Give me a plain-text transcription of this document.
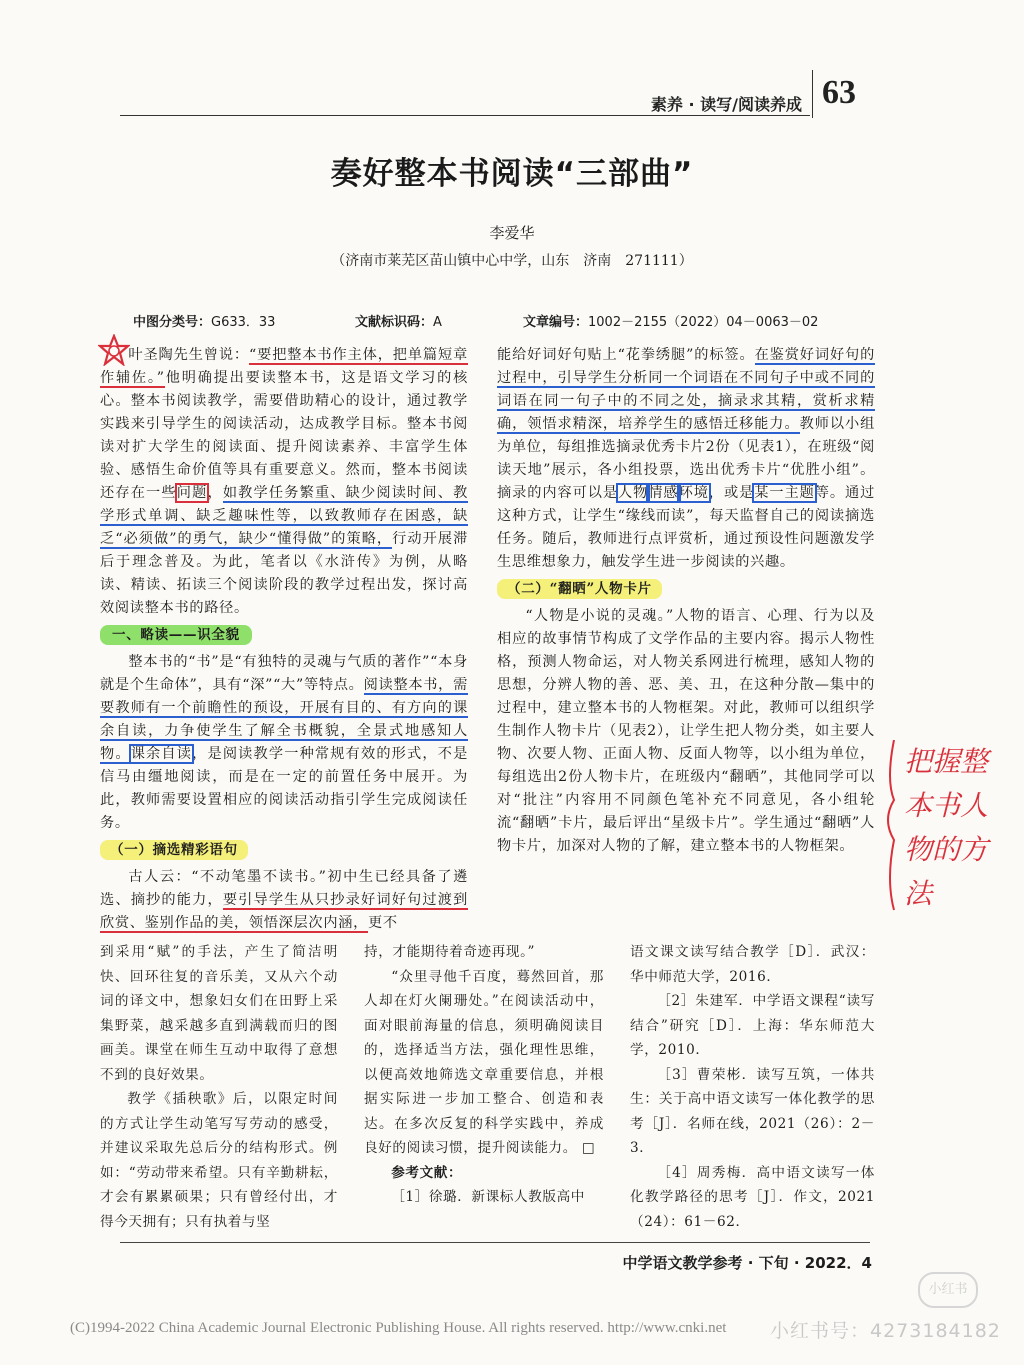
素养 · 读写/阅读养成 63
奏好整本书阅读“三部曲”
李爱华
（济南市莱芜区苗山镇中心中学，山东　济南　271111）
中图分类号：G633．33	文献标识码：A	文章编号：1002－2155（2022）04－0063－02

叶圣陶先生曾说：“要把整本书作主体，把单篇短章作辅佐。”他明确提出要读整本书，这是语文学习的核心。整本书阅读教学，需要借助精心的设计，通过教学实践来引导学生的阅读活动，达成教学目标。整本书阅读对扩大学生的阅读面、提升阅读素养、丰富学生体验、感悟生命价值等具有重要意义。然而，整本书阅读还存在一些问题，如教学任务繁重、缺少阅读时间、教学形式单调、缺乏趣味性等，以致教师存在困惑，缺乏“必须做”的勇气，缺少“懂得做”的策略，行动开展滞后于理念普及。为此，笔者以《水浒传》为例，从略读、精读、拓读三个阅读阶段的教学过程出发，探讨高效阅读整本书的路径。

一、略读——识全貌

整本书的“书”是“有独特的灵魂与气质的著作”“本身就是个生命体”，具有“深”“大”等特点。阅读整本书，需要教师有一个前瞻性的预设，开展有目的、有方向的课余自读，力争使学生了解全书概貌，全景式地感知人物。课余自读，是阅读教学一种常规有效的形式，不是信马由缰地阅读，而是在一定的前置任务中展开。为此，教师需要设置相应的阅读活动指引学生完成阅读任务。

（一）摘选精彩语句

古人云：“不动笔墨不读书。”初中生已经具备了遴选、摘抄的能力，要引导学生从只抄录好词好句过渡到欣赏、鉴别作品的美，领悟深层次内涵，更不

能给好词好句贴上“花拳绣腿”的标签。在鉴赏好词好句的过程中，引导学生分析同一个词语在不同句子中或不同的词语在同一句子中的不同之处，摘录求其精，赏析求精确，领悟求精深，培养学生的感悟迁移能力。教师以小组为单位，每组推选摘录优秀卡片2份（见表1），在班级“阅读天地”展示，各小组投票，选出优秀卡片“优胜小组”。摘录的内容可以是人物情感环境，或是某一主题等。通过这种方式，让学生“缘线而读”，每天监督自己的阅读摘选任务。随后，教师进行点评赏析，通过预设性问题激发学生思维想象力，触发学生进一步阅读的兴趣。

（二）“翻晒”人物卡片

“人物是小说的灵魂。”人物的语言、心理、行为以及相应的故事情节构成了文学作品的主要内容。揭示人物性格，预测人物命运，对人物关系网进行梳理，感知人物的思想，分辨人物的善、恶、美、丑，在这种分散—集中的过程中，建立整本书的人物框架。对此，教师可以组织学生制作人物卡片（见表2），让学生把人物分类，如主要人物、次要人物、正面人物、反面人物等，以小组为单位，每组选出2份人物卡片，在班级内“翻晒”，其他同学可以对“批注”内容用不同颜色笔补充不同意见，各小组轮流“翻晒”卡片，最后评出“星级卡片”。学生通过“翻晒”人物卡片，加深对人物的了解，建立整本书的人物框架。

把握整本书人物的方法

到采用“赋”的手法，产生了简洁明快、回环往复的音乐美，又从六个动词的译文中，想象妇女们在田野上采集野菜，越采越多直到满载而归的图画美。课堂在师生互动中取得了意想不到的良好效果。

教学《插秧歌》后，以限定时间的方式让学生动笔写写劳动的感受，并建议采取先总后分的结构形式。例如：“劳动带来希望。只有辛勤耕耘，才会有累累硕果；只有曾经付出，才得今天拥有；只有执着与坚

持，才能期待着奇迹再现。”

“众里寻他千百度，蓦然回首，那人却在灯火阑珊处。”在阅读活动中，面对眼前海量的信息，须明确阅读目的，选择适当方法，强化理性思维，以便高效地筛选文章重要信息，并根据实际进一步加工整合、创造和表达。在多次反复的科学实践中，养成良好的阅读习惯，提升阅读能力。 □

参考文献：

［1］徐璐．新课标人教版高中

语文课文读写结合教学［D］．武汉：华中师范大学，2016．

［2］朱建军．中学语文课程“读写结合”研究［D］．上海：华东师范大学，2010．

［3］曹荣彬．读写互筑，一体共生：关于高中语文读写一体化教学的思考［J］．名师在线，2021（26）：2－3．

［4］周秀梅．高中语文读写一体化教学路径的思考［J］．作文，2021（24）：61－62．

中学语文教学参考 · 下旬 · 2022．4
小红书
(C)1994-2022 China Academic Journal Electronic Publishing House. All rights reserved. http://www.cnki.net 小红书号：4273184182
